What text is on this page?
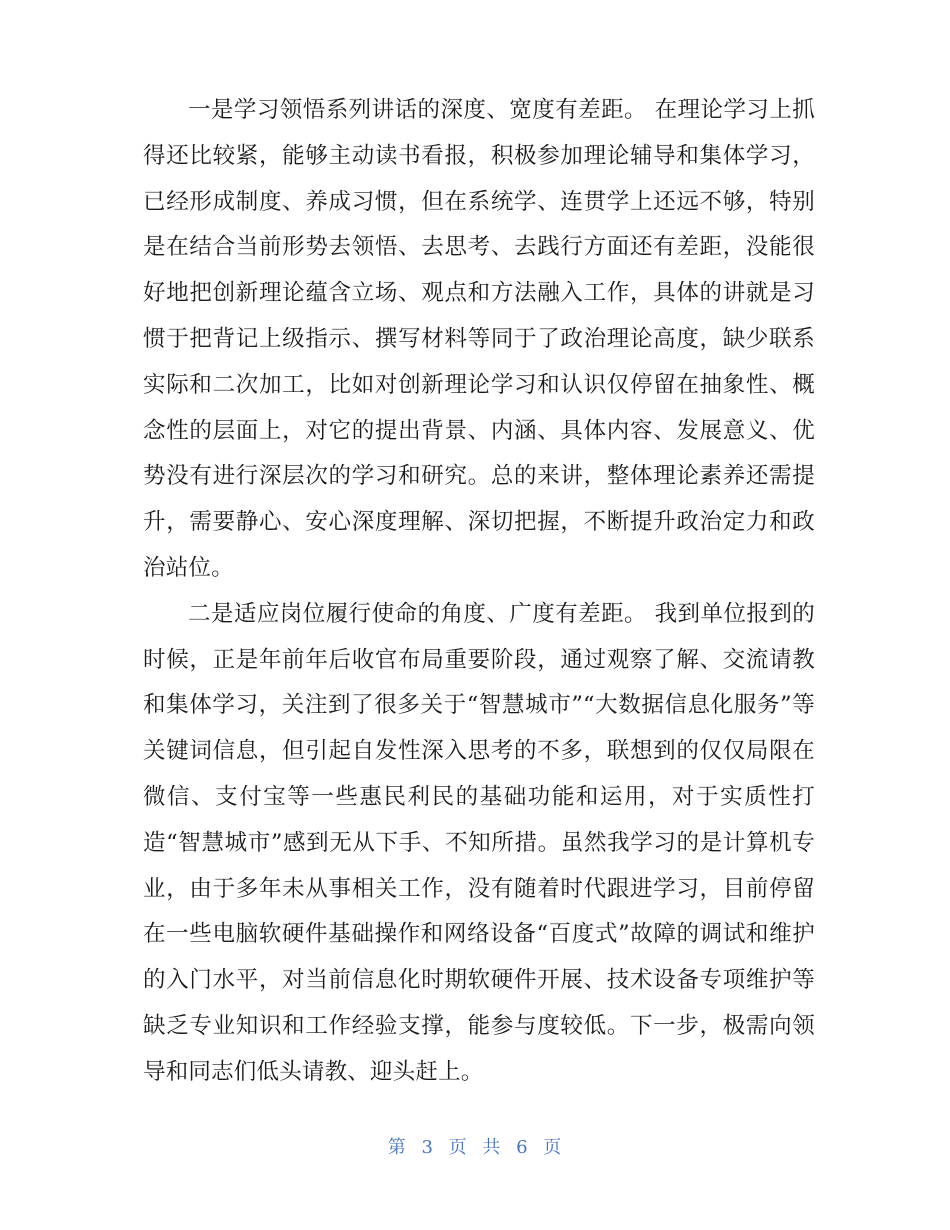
一是学习领悟系列讲话的深度、宽度有差距。 在理论学习上抓得还比较紧，能够主动读书看报，积极参加理论辅导和集体学习，已经形成制度、养成习惯，但在系统学、连贯学上还远不够，特别是在结合当前形势去领悟、去思考、去践行方面还有差距，没能很好地把创新理论蕴含立场、观点和方法融入工作，具体的讲就是习惯于把背记上级指示、撰写材料等同于了政治理论高度，缺少联系实际和二次加工，比如对创新理论学习和认识仅停留在抽象性、概念性的层面上，对它的提出背景、内涵、具体内容、发展意义、优势没有进行深层次的学习和研究。总的来讲，整体理论素养还需提升，需要静心、安心深度理解、深切把握，不断提升政治定力和政治站位。

二是适应岗位履行使命的角度、广度有差距。 我到单位报到的时候，正是年前年后收官布局重要阶段，通过观察了解、交流请教和集体学习，关注到了很多关于“智慧城市”“大数据信息化服务”等关键词信息，但引起自发性深入思考的不多，联想到的仅仅局限在微信、支付宝等一些惠民利民的基础功能和运用，对于实质性打造“智慧城市”感到无从下手、不知所措。虽然我学习的是计算机专业，由于多年未从事相关工作，没有随着时代跟进学习，目前停留在一些电脑软硬件基础操作和网络设备“百度式”故障的调试和维护的入门水平，对当前信息化时期软硬件开展、技术设备专项维护等缺乏专业知识和工作经验支撑，能参与度较低。下一步，极需向领导和同志们低头请教、迎头赶上。

第 3 页 共 6 页
